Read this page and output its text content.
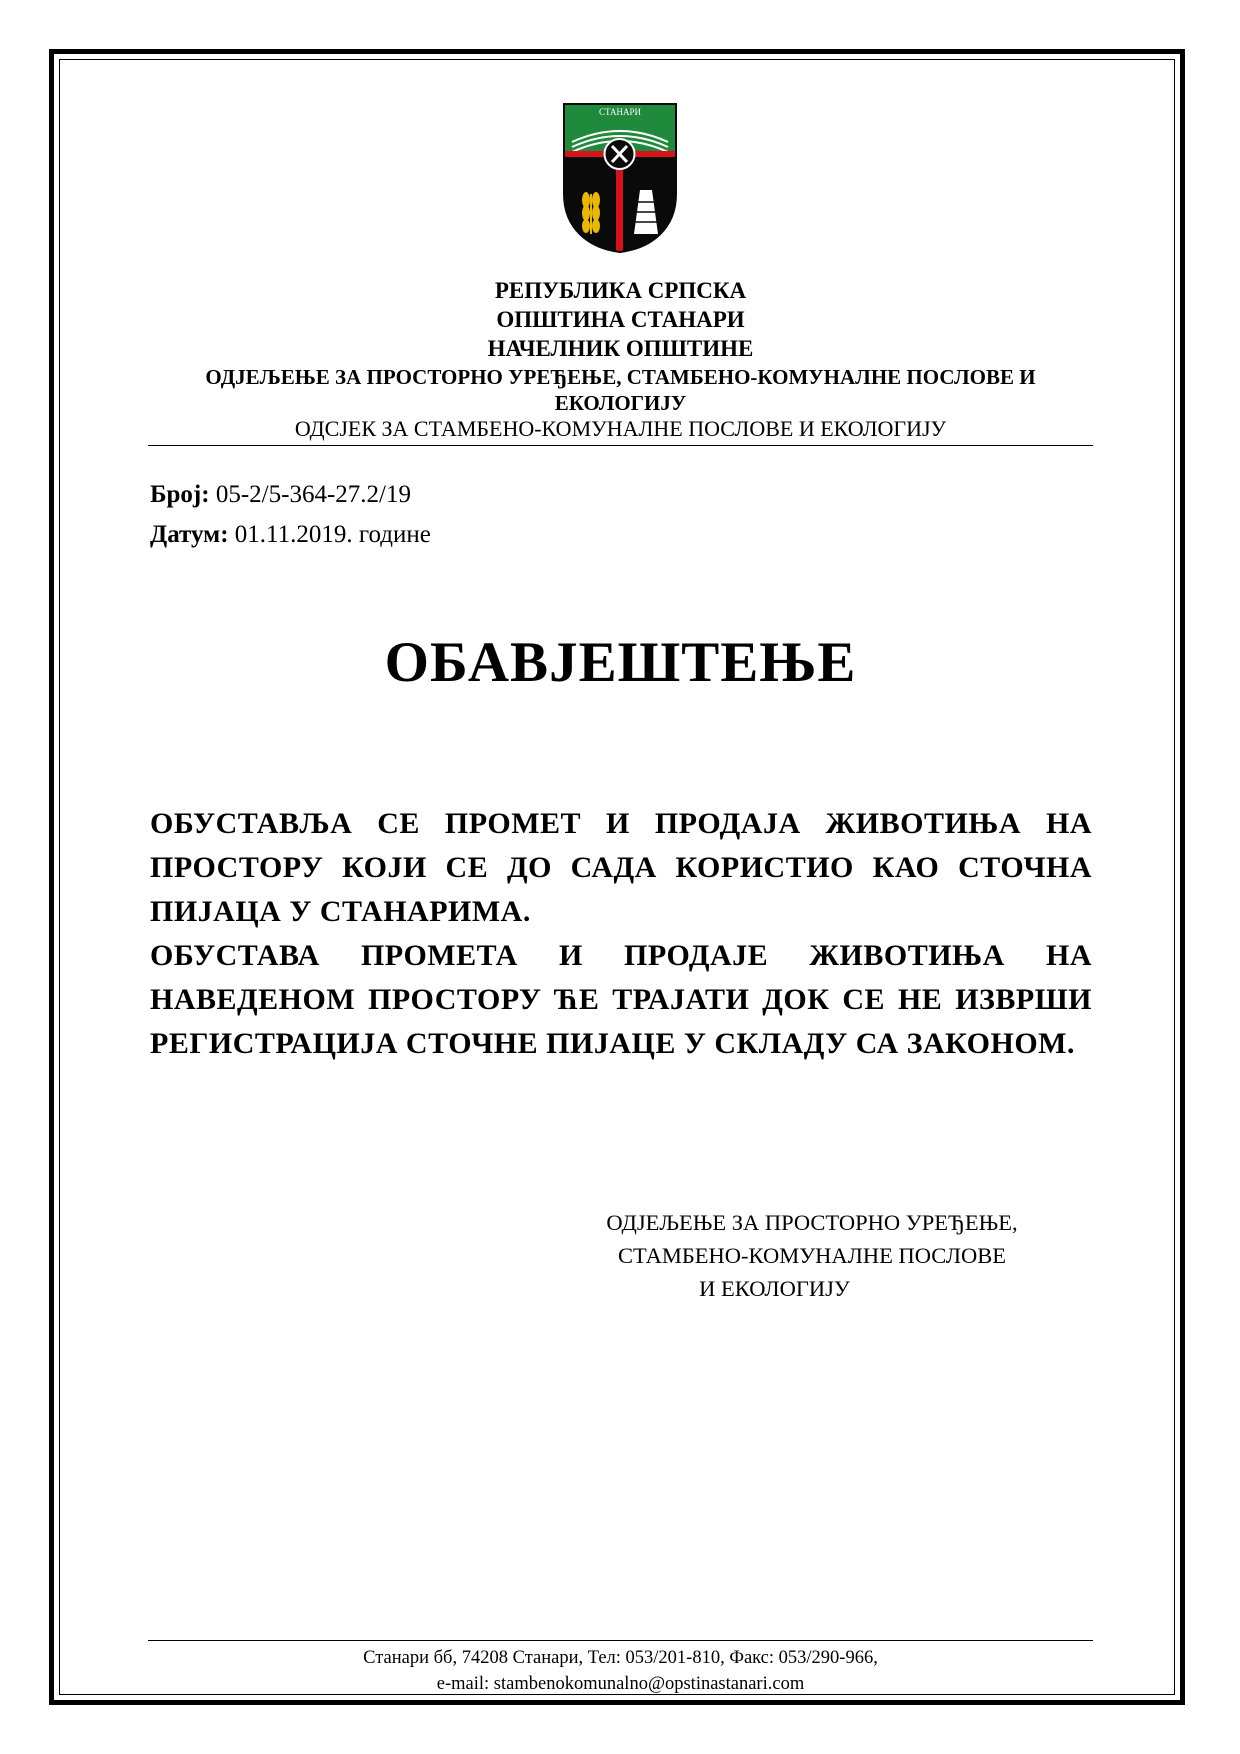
СТАНАРИ
РЕПУБЛИКА СРПСКА
ОПШТИНА СТАНАРИ
НАЧЕЛНИК ОПШТИНЕ
ОДЈЕЉЕЊЕ ЗА ПРОСТОРНО УРЕЂЕЊЕ, СТАМБЕНО-КОМУНАЛНЕ ПОСЛОВЕ И
ЕКОЛОГИЈУ
ОДСЈЕК ЗА СТАМБЕНО-КОМУНАЛНЕ ПОСЛОВЕ И ЕКОЛОГИЈУ
Број: 05-2/5-364-27.2/19
Датум: 01.11.2019. године
ОБАВЈЕШТЕЊЕ

ОБУСТАВЉА СЕ ПРОМЕТ И ПРОДАЈА ЖИВОТИЊА НА ПРОСТОРУ КОЈИ СЕ ДО САДА КОРИСТИО КАО СТОЧНА ПИЈАЦА У СТАНАРИМА.

ОБУСТАВА ПРОМЕТА И ПРОДАЈЕ ЖИВОТИЊА НА НАВЕДЕНОМ ПРОСТОРУ ЋЕ ТРАЈАТИ ДОК СЕ НЕ ИЗВРШИ РЕГИСТРАЦИЈА СТОЧНЕ ПИЈАЦЕ У СКЛАДУ СА ЗАКОНОМ.

ОДЈЕЉЕЊЕ ЗА ПРОСТОРНО УРЕЂЕЊЕ,
СТАМБЕНО-КОМУНАЛНЕ ПОСЛОВЕ
И ЕКОЛОГИЈУ
Станари бб, 74208 Станари, Тел: 053/201-810, Факс: 053/290-966,
e-mail: stambenokomunalno@opstinastanari.com
